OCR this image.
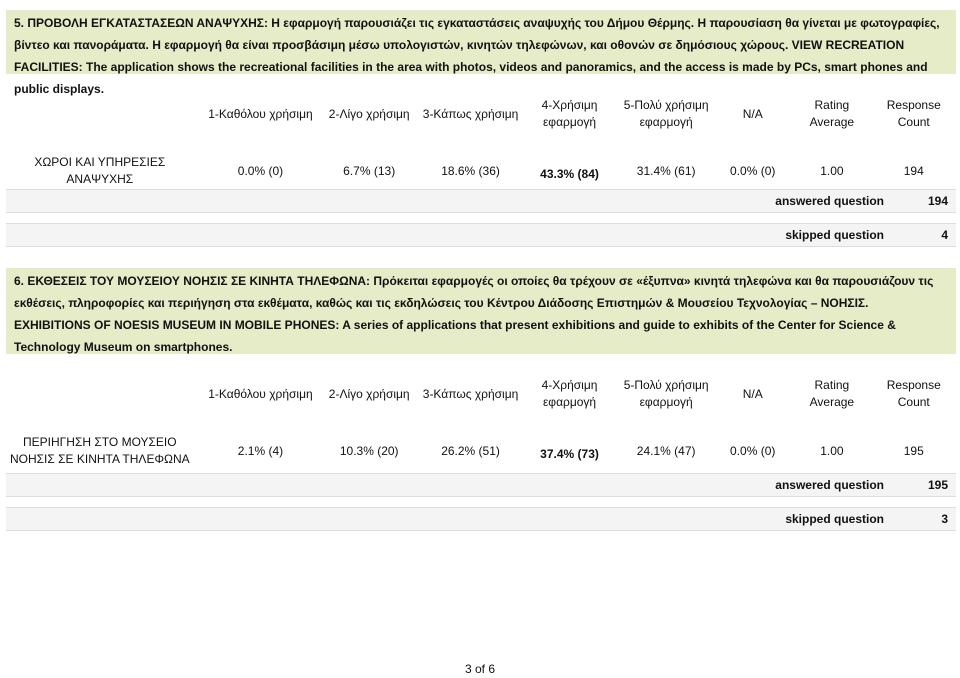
5. ΠΡΟΒΟΛΗ ΕΓΚΑΤΑΣΤΑΣΕΩΝ ΑΝΑΨΥΧΗΣ: Η εφαρμογή παρουσιάζει τις εγκαταστάσεις αναψυχής του Δήμου Θέρμης. Η παρουσίαση θα γίνεται με φωτογραφίες, βίντεο και πανοράματα. Η εφαρμογή θα είναι προσβάσιμη μέσω υπολογιστών, κινητών τηλεφώνων, και οθονών σε δημόσιους χώρους. VIEW RECREATION FACILITIES: The application shows the recreational facilities in the area with photos, videos and panoramics, and the access is made by PCs, smart phones and public displays.
	1-Καθόλου χρήσιμη	2-Λίγο χρήσιμη	3-Κάπως χρήσιμη	4-Χρήσιμη εφαρμογή	5-Πολύ χρήσιμη εφαρμογή	N/A	Rating Average	Response Count
ΧΩΡΟΙ ΚΑΙ ΥΠΗΡΕΣΙΕΣ ΑΝΑΨΥΧΗΣ	0.0% (0)	6.7% (13)	18.6% (36)	43.3% (84)	31.4% (61)	0.0% (0)	1.00	194
answered question	194
skipped question	4
6. ΕΚΘΕΣΕΙΣ ΤΟΥ ΜΟΥΣΕΙΟΥ ΝΟΗΣΙΣ ΣΕ ΚΙΝΗΤΑ ΤΗΛΕΦΩΝΑ: Πρόκειται εφαρμογές οι οποίες θα τρέχουν σε «έξυπνα» κινητά τηλεφώνα και θα παρουσιάζουν τις εκθέσεις, πληροφορίες και περιήγηση στα εκθέματα, καθώς και τις εκδηλώσεις του Κέντρου Διάδοσης Επιστημών & Μουσείου Τεχνολογίας – ΝΟΗΣΙΣ. EXHIBITIONS OF NOESIS MUSEUM IN MOBILE PHONES: A series of applications that present exhibitions and guide to exhibits of the Center for Science & Technology Museum on smartphones.
	1-Καθόλου χρήσιμη	2-Λίγο χρήσιμη	3-Κάπως χρήσιμη	4-Χρήσιμη εφαρμογή	5-Πολύ χρήσιμη εφαρμογή	N/A	Rating Average	Response Count
ΠΕΡΙΗΓΗΣΗ ΣΤΟ ΜΟΥΣΕΙΟ ΝΟΗΣΙΣ ΣΕ ΚΙΝΗΤΑ ΤΗΛΕΦΩΝΑ	2.1% (4)	10.3% (20)	26.2% (51)	37.4% (73)	24.1% (47)	0.0% (0)	1.00	195
answered question	195
skipped question	3
3 of 6
